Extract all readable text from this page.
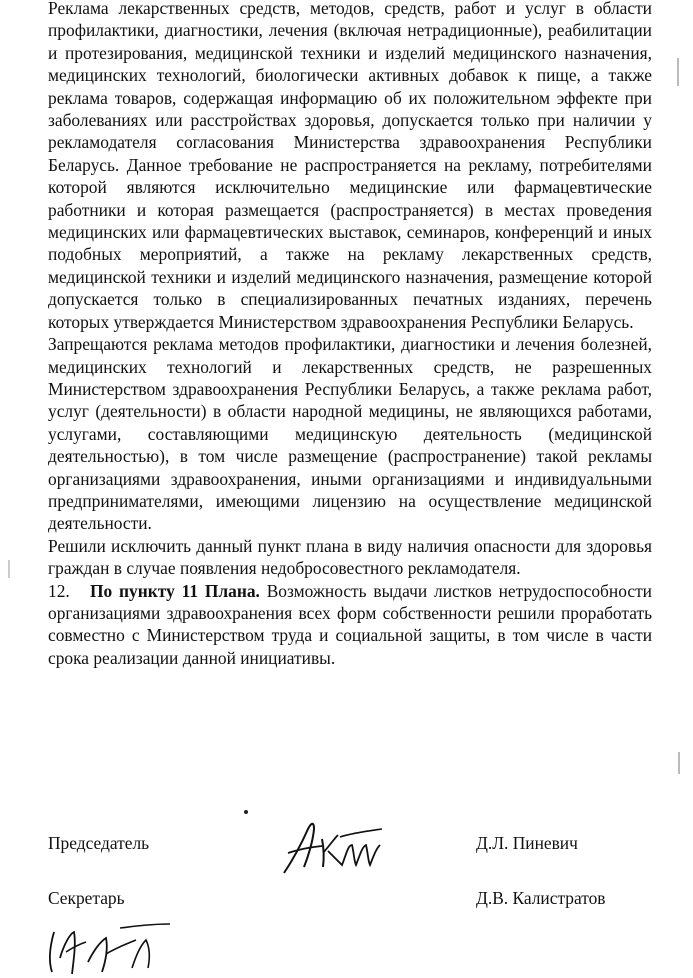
Реклама лекарственных средств, методов, средств, работ и услуг в области профилактики, диагностики, лечения (включая нетрадиционные), реабилитации и протезирования, медицинской техники и изделий медицинского назначения, медицинских технологий, биологически активных добавок к пище, а также реклама товаров, содержащая информацию об их положительном эффекте при заболеваниях или расстройствах здоровья, допускается только при наличии у рекламодателя согласования Министерства здравоохранения Республики Беларусь. Данное требование не распространяется на рекламу, потребителями которой являются исключительно медицинские или фармацевтические работники и которая размещается (распространяется) в местах проведения медицинских или фармацевтических выставок, семинаров, конференций и иных подобных мероприятий, а также на рекламу лекарственных средств, медицинской техники и изделий медицинского назначения, размещение которой допускается только в специализированных печатных изданиях, перечень которых утверждается Министерством здравоохранения Республики Беларусь.

Запрещаются реклама методов профилактики, диагностики и лечения болезней, медицинских технологий и лекарственных средств, не разрешенных Министерством здравоохранения Республики Беларусь, а также реклама работ, услуг (деятельности) в области народной медицины, не являющихся работами, услугами, составляющими медицинскую деятельность (медицинской деятельностью), в том числе размещение (распространение) такой рекламы организациями здравоохранения, иными организациями и индивидуальными предпринимателями, имеющими лицензию на осуществление медицинской деятельности.

Решили исключить данный пункт плана в виду наличия опасности для здоровья граждан в случае появления недобросовестного рекламодателя.

12. По пункту 11 Плана. Возможность выдачи листков нетрудоспособности организациями здравоохранения всех форм собственности решили проработать совместно с Министерством труда и социальной защиты, в том числе в части срока реализации данной инициативы.

Председатель	Д.Л. Пиневич
Секретарь	Д.В. Калистратов
